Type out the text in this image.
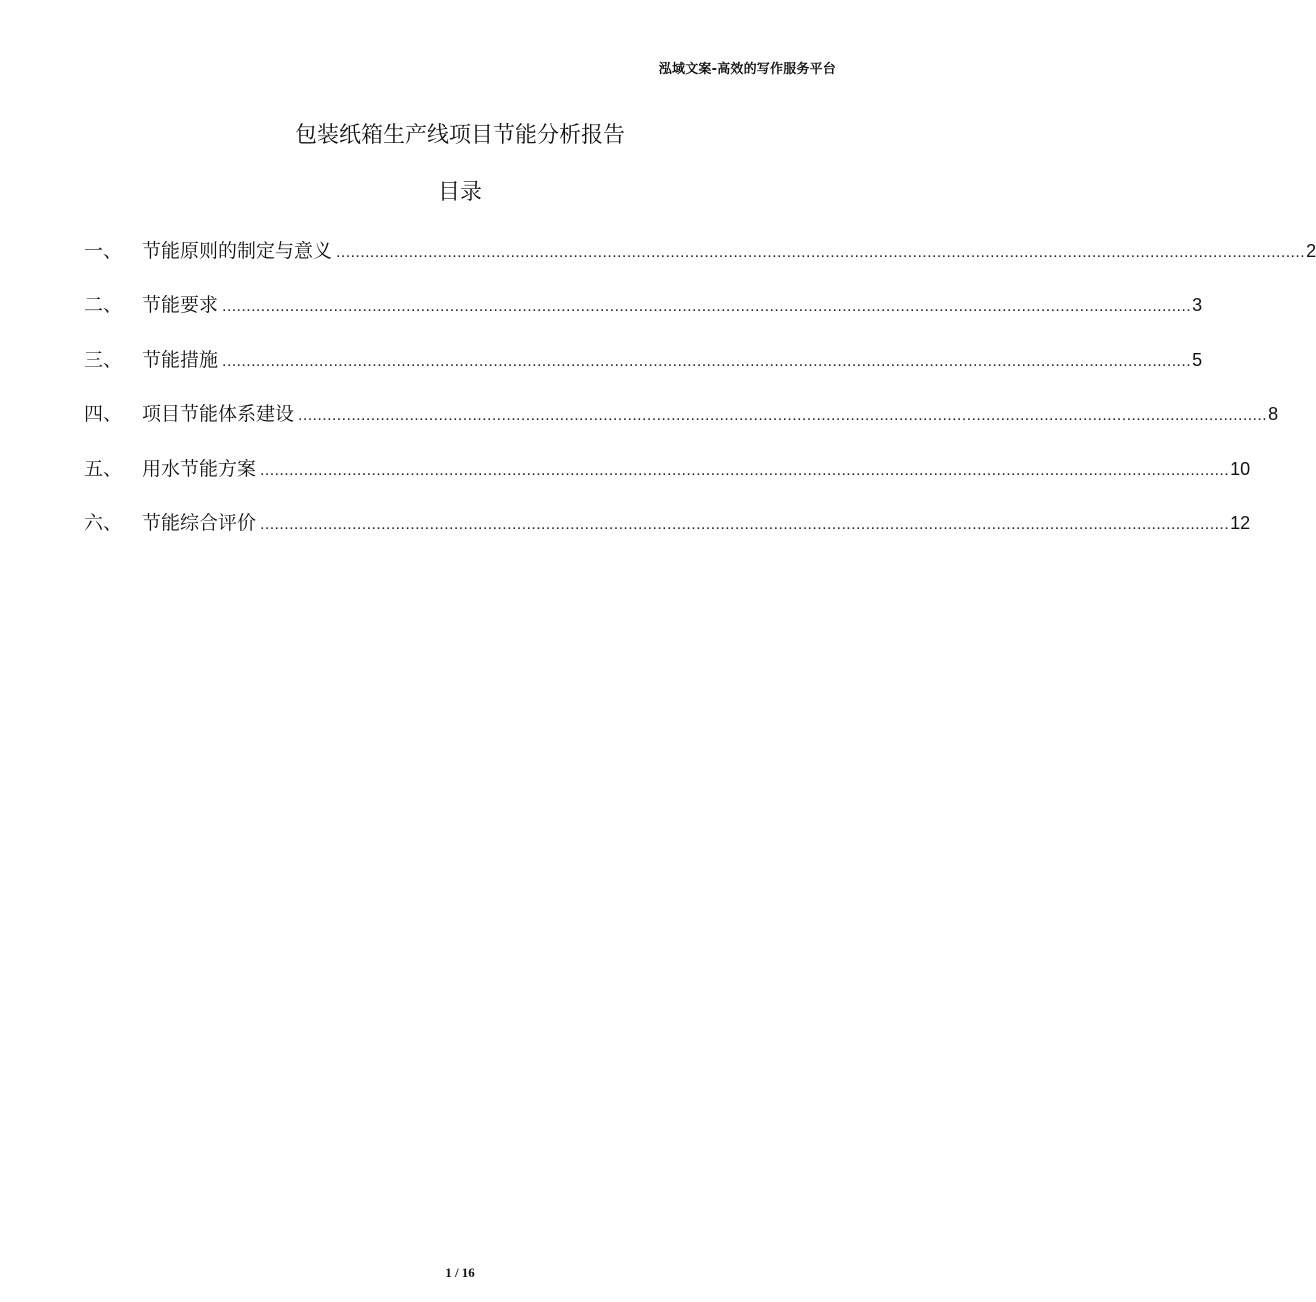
泓域文案-高效的写作服务平台
包装纸箱生产线项目节能分析报告
目录
一、	节能原则的制定与意义 ........................................................................................................................................................................................................ 2
二、	节能要求 ........................................................................................................................................................................................................ 3
三、	节能措施 ........................................................................................................................................................................................................ 5
四、	项目节能体系建设 ........................................................................................................................................................................................................ 8
五、	用水节能方案 ........................................................................................................................................................................................................ 10
六、	节能综合评价 ........................................................................................................................................................................................................ 12
1 / 16
